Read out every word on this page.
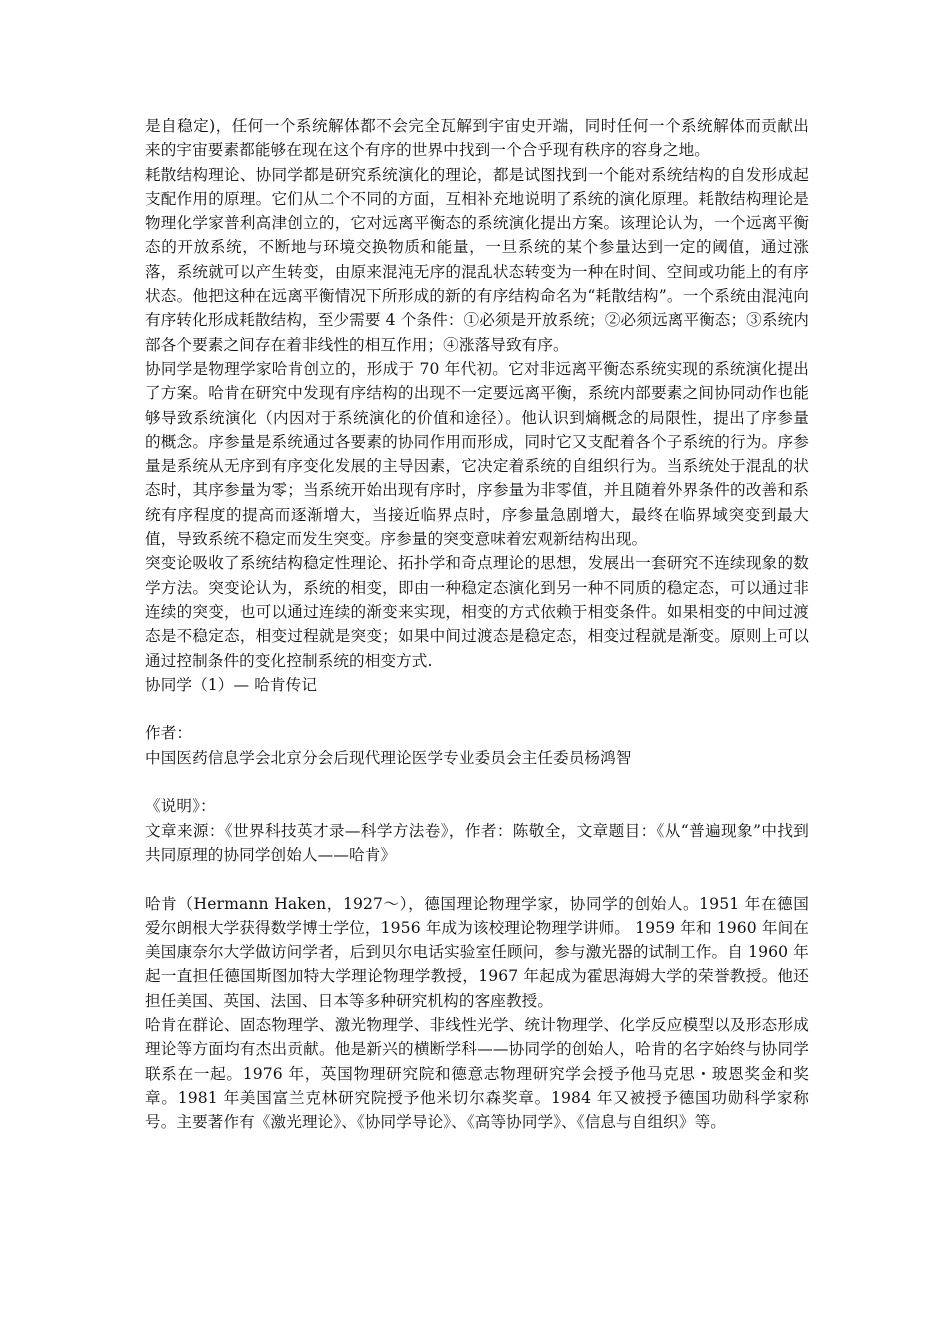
是自稳定)，任何一个系统解体都不会完全瓦解到宇宙史开端，同时任何一个系统解体而贡献出来的宇宙要素都能够在现在这个有序的世界中找到一个合乎现有秩序的容身之地。

耗散结构理论、协同学都是研究系统演化的理论，都是试图找到一个能对系统结构的自发形成起支配作用的原理。它们从二个不同的方面，互相补充地说明了系统的演化原理。耗散结构理论是物理化学家普利高津创立的，它对远离平衡态的系统演化提出方案。该理论认为，一个远离平衡态的开放系统，不断地与环境交换物质和能量，一旦系统的某个参量达到一定的阈值，通过涨落，系统就可以产生转变，由原来混沌无序的混乱状态转变为一种在时间、空间或功能上的有序状态。他把这种在远离平衡情况下所形成的新的有序结构命名为“耗散结构”。一个系统由混沌向有序转化形成耗散结构，至少需要 4 个条件：①必须是开放系统；②必须远离平衡态；③系统内部各个要素之间存在着非线性的相互作用；④涨落导致有序。

协同学是物理学家哈肯创立的，形成于 70 年代初。它对非远离平衡态系统实现的系统演化提出了方案。哈肯在研究中发现有序结构的出现不一定要远离平衡，系统内部要素之间协同动作也能够导致系统演化（内因对于系统演化的价值和途径）。他认识到熵概念的局限性，提出了序参量的概念。序参量是系统通过各要素的协同作用而形成，同时它又支配着各个子系统的行为。序参量是系统从无序到有序变化发展的主导因素，它决定着系统的自组织行为。当系统处于混乱的状态时，其序参量为零；当系统开始出现有序时，序参量为非零值，并且随着外界条件的改善和系统有序程度的提高而逐渐增大，当接近临界点时，序参量急剧增大，最终在临界域突变到最大值，导致系统不稳定而发生突变。序参量的突变意味着宏观新结构出现。

突变论吸收了系统结构稳定性理论、拓扑学和奇点理论的思想，发展出一套研究不连续现象的数学方法。突变论认为，系统的相变，即由一种稳定态演化到另一种不同质的稳定态，可以通过非连续的突变，也可以通过连续的渐变来实现，相变的方式依赖于相变条件。如果相变的中间过渡态是不稳定态，相变过程就是突变；如果中间过渡态是稳定态，相变过程就是渐变。原则上可以通过控制条件的变化控制系统的相变方式.

协同学（1）— 哈肯传记

作者：

中国医药信息学会北京分会后现代理论医学专业委员会主任委员杨鸿智

《说明》：

文章来源：《世界科技英才录—科学方法卷》，作者：陈敬全，文章题目：《从“普遍现象”中找到共同原理的协同学创始人——哈肯》

哈肯（Hermann Haken，1927～），德国理论物理学家，协同学的创始人。1951 年在德国爱尔朗根大学获得数学博士学位，1956 年成为该校理论物理学讲师。 1959 年和 1960 年间在美国康奈尔大学做访问学者，后到贝尔电话实验室任顾问，参与激光器的试制工作。自 1960 年起一直担任德国斯图加特大学理论物理学教授，1967 年起成为霍思海姆大学的荣誉教授。他还担任美国、英国、法国、日本等多种研究机构的客座教授。

哈肯在群论、固态物理学、激光物理学、非线性光学、统计物理学、化学反应模型以及形态形成理论等方面均有杰出贡献。他是新兴的横断学科——协同学的创始人，哈肯的名字始终与协同学联系在一起。1976 年，英国物理研究院和德意志物理研究学会授予他马克思・玻恩奖金和奖章。1981 年美国富兰克林研究院授予他米切尔森奖章。1984 年又被授予德国功勋科学家称号。主要著作有《激光理论》、《协同学导论》、《高等协同学》、《信息与自组织》等。
